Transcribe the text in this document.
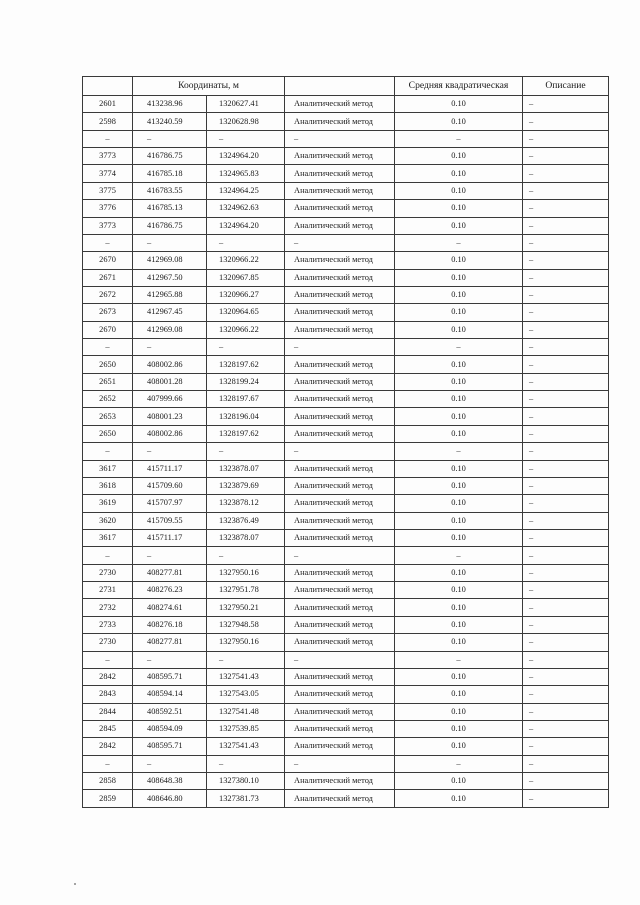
	Координаты, м			Средняя квадратическая	Описание
2601	413238.96	1320627.41	Аналитический метод	0.10	–
2598	413240.59	1320628.98	Аналитический метод	0.10	–
–	–	–	–	–	–
3773	416786.75	1324964.20	Аналитический метод	0.10	–
3774	416785.18	1324965.83	Аналитический метод	0.10	–
3775	416783.55	1324964.25	Аналитический метод	0.10	–
3776	416785.13	1324962.63	Аналитический метод	0.10	–
3773	416786.75	1324964.20	Аналитический метод	0.10	–
–	–	–	–	–	–
2670	412969.08	1320966.22	Аналитический метод	0.10	–
2671	412967.50	1320967.85	Аналитический метод	0.10	–
2672	412965.88	1320966.27	Аналитический метод	0.10	–
2673	412967.45	1320964.65	Аналитический метод	0.10	–
2670	412969.08	1320966.22	Аналитический метод	0.10	–
–	–	–	–	–	–
2650	408002.86	1328197.62	Аналитический метод	0.10	–
2651	408001.28	1328199.24	Аналитический метод	0.10	–
2652	407999.66	1328197.67	Аналитический метод	0.10	–
2653	408001.23	1328196.04	Аналитический метод	0.10	–
2650	408002.86	1328197.62	Аналитический метод	0.10	–
–	–	–	–	–	–
3617	415711.17	1323878.07	Аналитический метод	0.10	–
3618	415709.60	1323879.69	Аналитический метод	0.10	–
3619	415707.97	1323878.12	Аналитический метод	0.10	–
3620	415709.55	1323876.49	Аналитический метод	0.10	–
3617	415711.17	1323878.07	Аналитический метод	0.10	–
–	–	–	–	–	–
2730	408277.81	1327950.16	Аналитический метод	0.10	–
2731	408276.23	1327951.78	Аналитический метод	0.10	–
2732	408274.61	1327950.21	Аналитический метод	0.10	–
2733	408276.18	1327948.58	Аналитический метод	0.10	–
2730	408277.81	1327950.16	Аналитический метод	0.10	–
–	–	–	–	–	–
2842	408595.71	1327541.43	Аналитический метод	0.10	–
2843	408594.14	1327543.05	Аналитический метод	0.10	–
2844	408592.51	1327541.48	Аналитический метод	0.10	–
2845	408594.09	1327539.85	Аналитический метод	0.10	–
2842	408595.71	1327541.43	Аналитический метод	0.10	–
–	–	–	–	–	–
2858	408648.38	1327380.10	Аналитический метод	0.10	–
2859	408646.80	1327381.73	Аналитический метод	0.10	–
